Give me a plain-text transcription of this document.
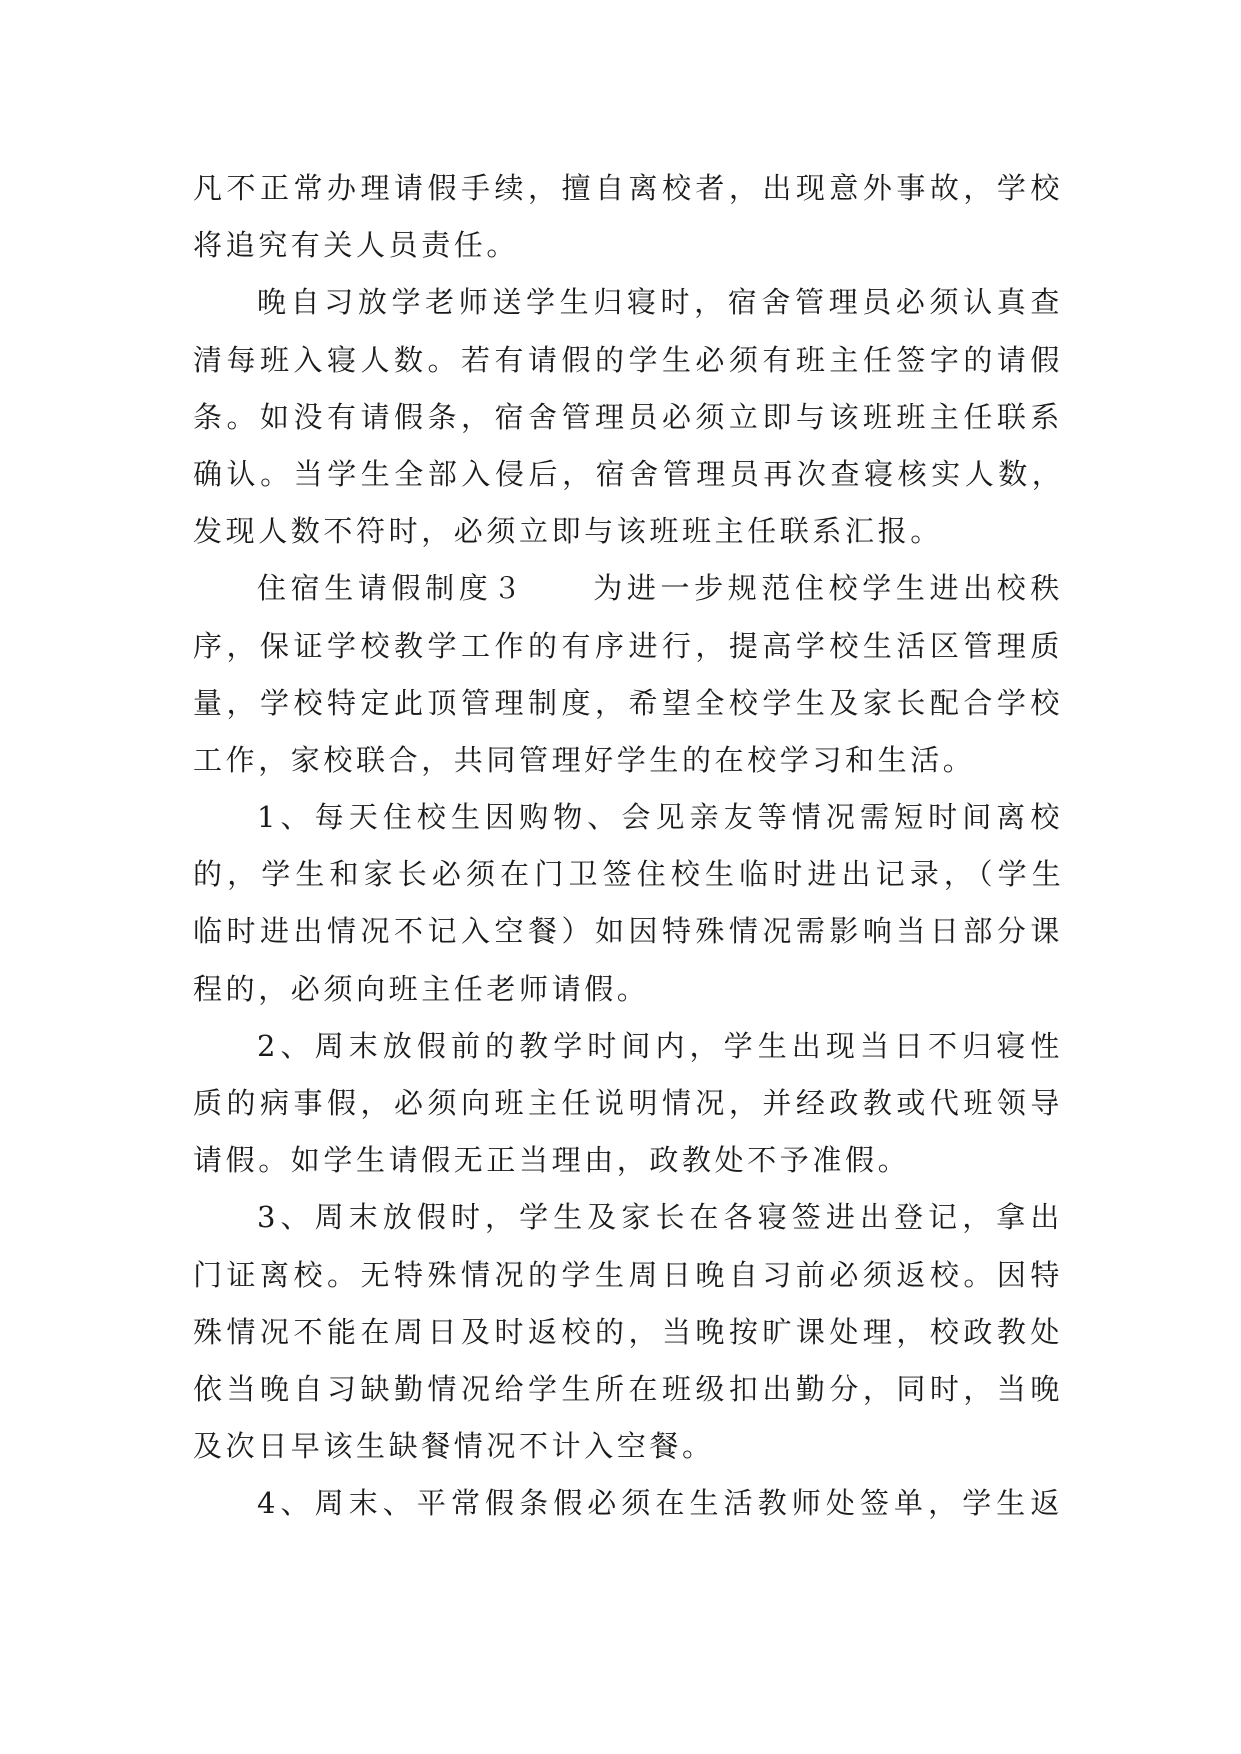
凡不正常办理请假手续，擅自离校者，出现意外事故，学校
将追究有关人员责任。
晚自习放学老师送学生归寝时，宿舍管理员必须认真查
清每班入寝人数。若有请假的学生必须有班主任签字的请假
条。如没有请假条，宿舍管理员必须立即与该班班主任联系
确认。当学生全部入侵后，宿舍管理员再次查寝核实人数，
发现人数不符时，必须立即与该班班主任联系汇报。
住宿生请假制度３　　为进一步规范住校学生进出校秩
序，保证学校教学工作的有序进行，提高学校生活区管理质
量，学校特定此顶管理制度，希望全校学生及家长配合学校
工作，家校联合，共同管理好学生的在校学习和生活。
1、每天住校生因购物、会见亲友等情况需短时间离校
的，学生和家长必须在门卫签住校生临时进出记录，（学生
临时进出情况不记入空餐）如因特殊情况需影响当日部分课
程的，必须向班主任老师请假。
2、周末放假前的教学时间内，学生出现当日不归寝性
质的病事假，必须向班主任说明情况，并经政教或代班领导
请假。如学生请假无正当理由，政教处不予准假。
3、周末放假时，学生及家长在各寝签进出登记，拿出
门证离校。无特殊情况的学生周日晚自习前必须返校。因特
殊情况不能在周日及时返校的，当晚按旷课处理，校政教处
依当晚自习缺勤情况给学生所在班级扣出勤分，同时，当晚
及次日早该生缺餐情况不计入空餐。
4、周末、平常假条假必须在生活教师处签单，学生返
